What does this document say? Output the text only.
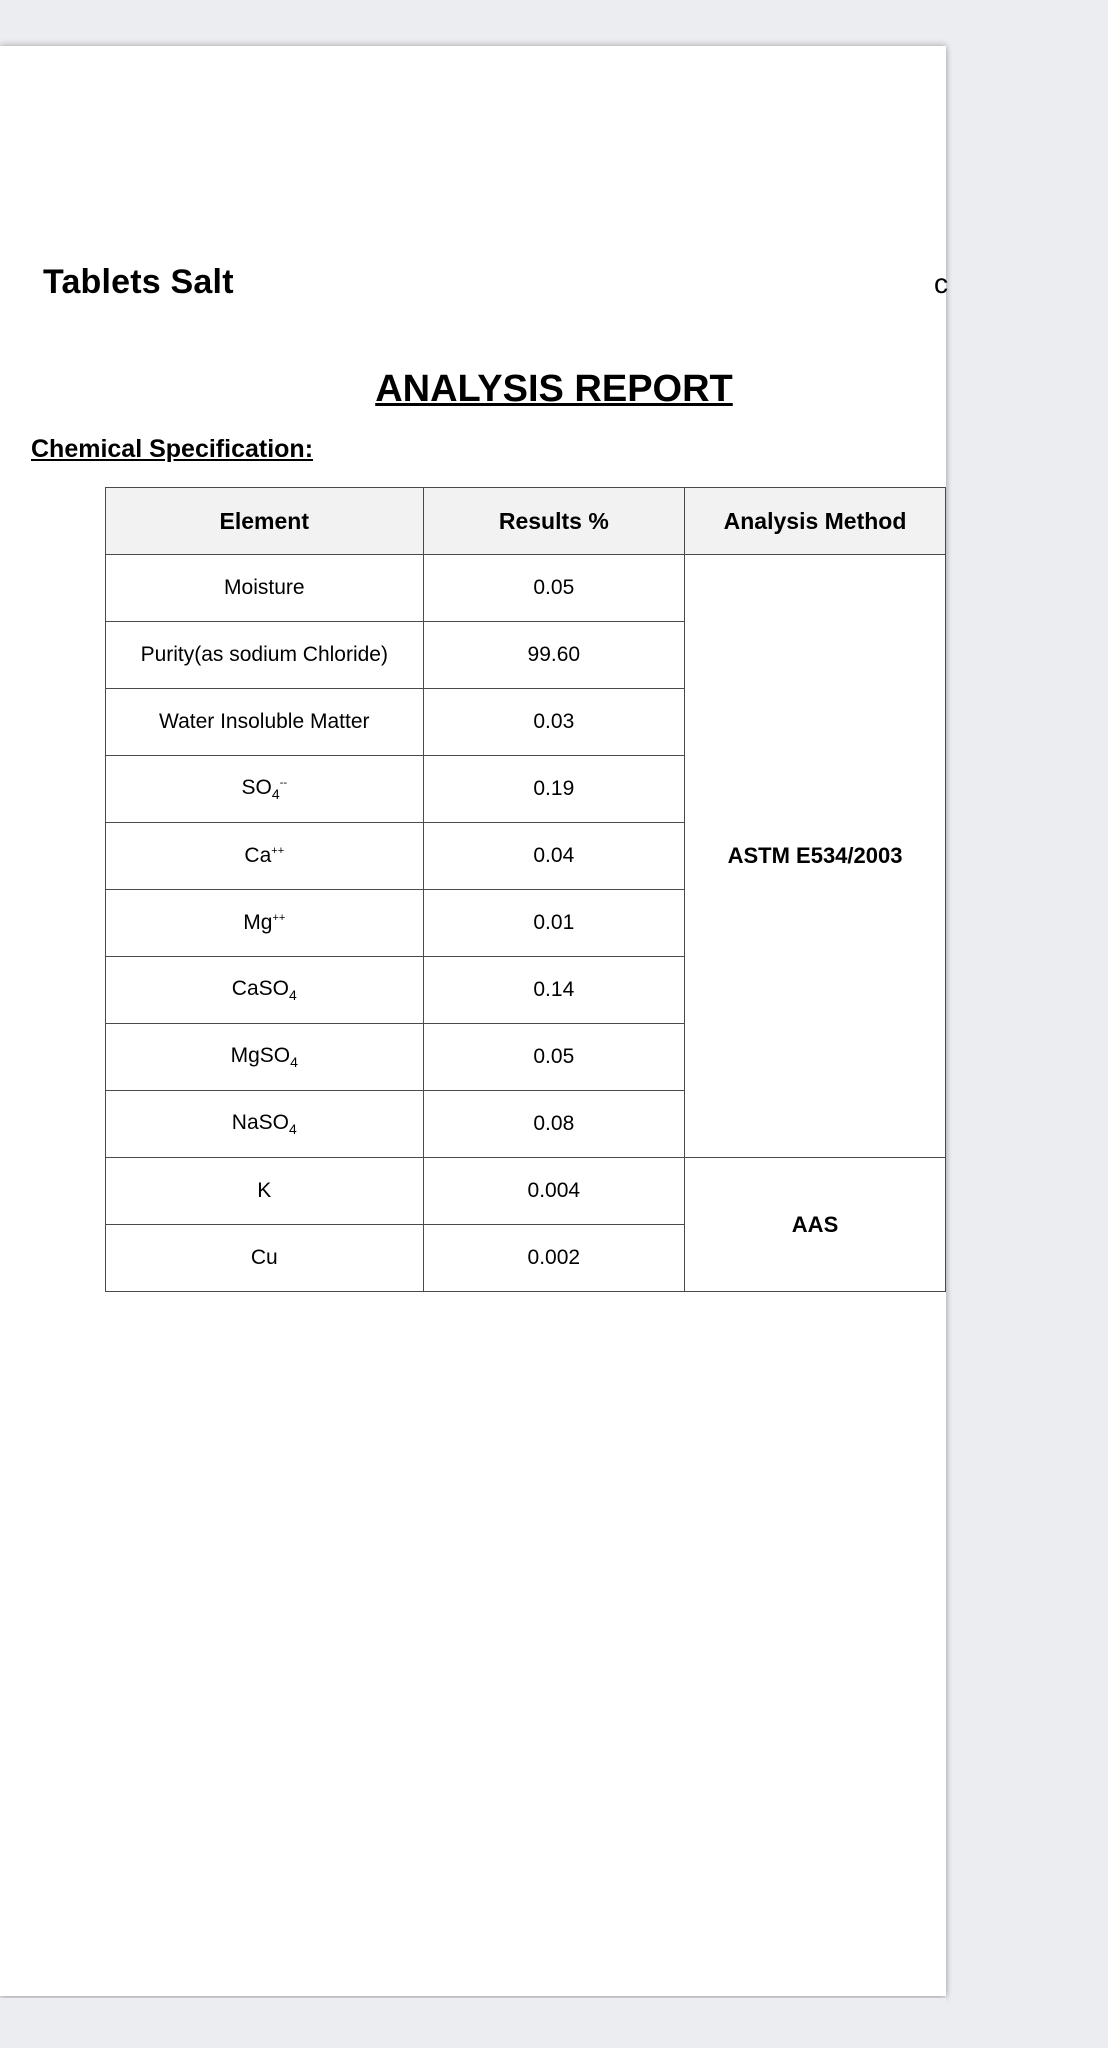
Tablets Salt	c
ANALYSIS REPORT
Chemical Specification:
Element	Results %	Analysis Method
Moisture	0.05	ASTM E534/2003
Purity(as sodium Chloride)	99.60	
Water Insoluble Matter	0.03	
$SO_4^{--}$	0.19	
Ca++	0.04	
Mg++	0.01	
CaSO$_4$	0.14	
MgSO$_4$	0.05	
NaSO$_4$	0.08	
K	0.004	AAS
Cu	0.002	
